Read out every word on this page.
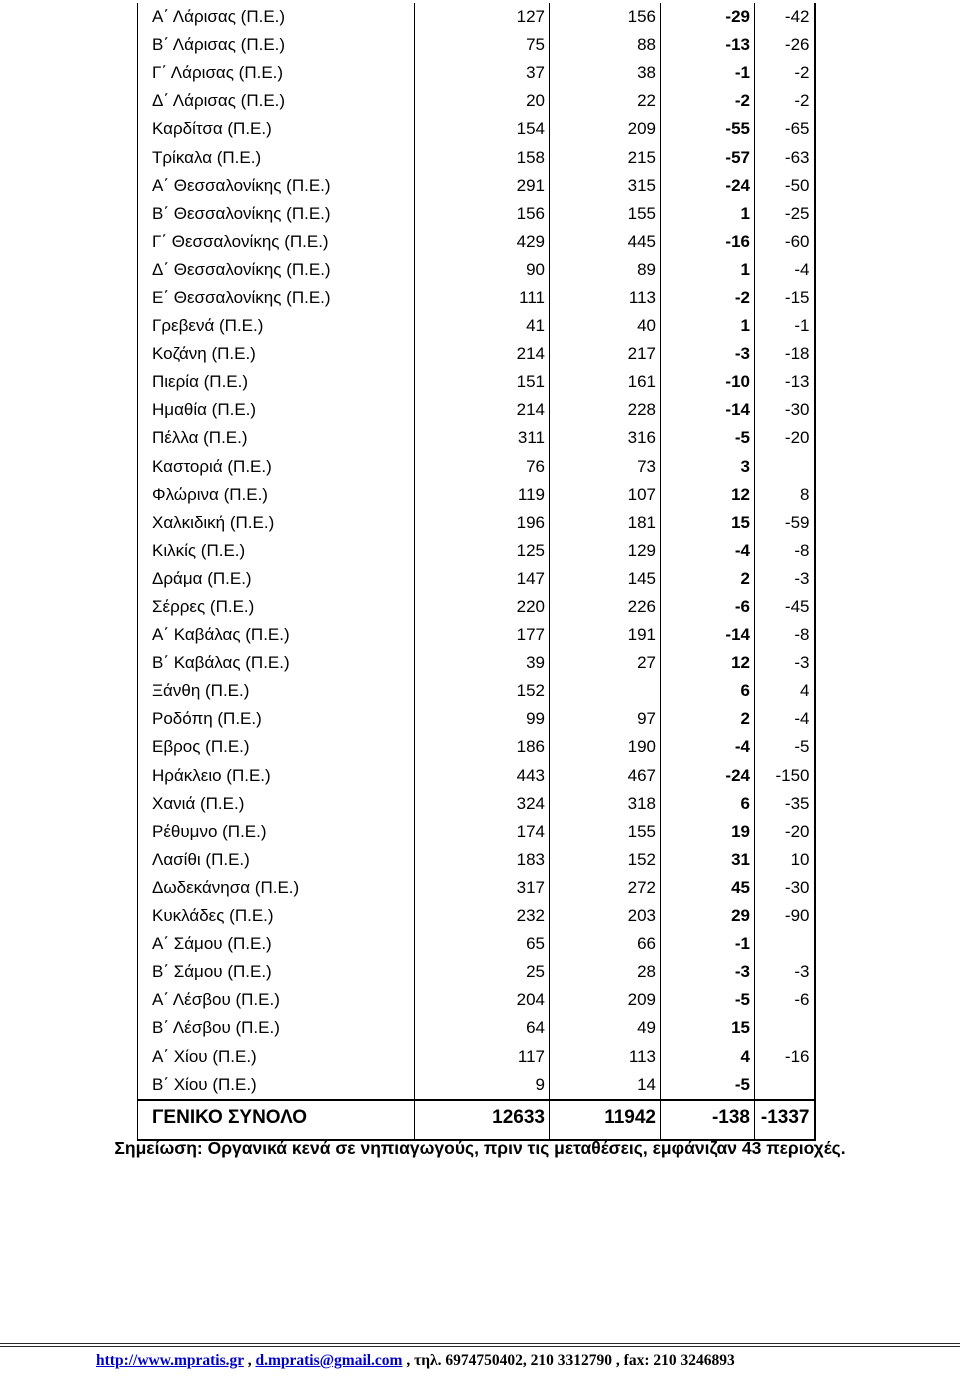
Α΄ Λάρισας (Π.Ε.)	127	156	-29	-42
Β΄ Λάρισας (Π.Ε.)	75	88	-13	-26
Γ΄ Λάρισας (Π.Ε.)	37	38	-1	-2
Δ΄ Λάρισας (Π.Ε.)	20	22	-2	-2
Καρδίτσα (Π.Ε.)	154	209	-55	-65
Τρίκαλα (Π.Ε.)	158	215	-57	-63
Α΄ Θεσσαλονίκης (Π.Ε.)	291	315	-24	-50
Β΄ Θεσσαλονίκης (Π.Ε.)	156	155	1	-25
Γ΄ Θεσσαλονίκης (Π.Ε.)	429	445	-16	-60
Δ΄ Θεσσαλονίκης (Π.Ε.)	90	89	1	-4
Ε΄ Θεσσαλονίκης (Π.Ε.)	111	113	-2	-15
Γρεβενά (Π.Ε.)	41	40	1	-1
Κοζάνη (Π.Ε.)	214	217	-3	-18
Πιερία (Π.Ε.)	151	161	-10	-13
Ημαθία (Π.Ε.)	214	228	-14	-30
Πέλλα (Π.Ε.)	311	316	-5	-20
Καστοριά (Π.Ε.)	76	73	3	
Φλώρινα (Π.Ε.)	119	107	12	8
Χαλκιδική (Π.Ε.)	196	181	15	-59
Κιλκίς (Π.Ε.)	125	129	-4	-8
Δράμα (Π.Ε.)	147	145	2	-3
Σέρρες (Π.Ε.)	220	226	-6	-45
Α΄ Καβάλας (Π.Ε.)	177	191	-14	-8
Β΄ Καβάλας (Π.Ε.)	39	27	12	-3
Ξάνθη (Π.Ε.)	152		6	4
Ροδόπη (Π.Ε.)	99	97	2	-4
Εβρος (Π.Ε.)	186	190	-4	-5
Ηράκλειο (Π.Ε.)	443	467	-24	-150
Χανιά (Π.Ε.)	324	318	6	-35
Ρέθυμνο (Π.Ε.)	174	155	19	-20
Λασίθι (Π.Ε.)	183	152	31	10
Δωδεκάνησα (Π.Ε.)	317	272	45	-30
Κυκλάδες (Π.Ε.)	232	203	29	-90
Α΄ Σάμου (Π.Ε.)	65	66	-1	
Β΄ Σάμου (Π.Ε.)	25	28	-3	-3
Α΄ Λέσβου (Π.Ε.)	204	209	-5	-6
Β΄ Λέσβου (Π.Ε.)	64	49	15	
Α΄ Χίου (Π.Ε.)	117	113	4	-16
Β΄ Χίου (Π.Ε.)	9	14	-5	
ΓΕΝΙΚΟ ΣΥΝΟΛΟ	12633	11942	-138	-1337

Σημείωση: Οργανικά κενά σε νηπιαγωγούς, πριν τις μεταθέσεις, εμφάνιζαν 43 περιοχές.
http://www.mpratis.gr , d.mpratis@gmail.com , τηλ. 6974750402, 210 3312790 , fax: 210 3246893
